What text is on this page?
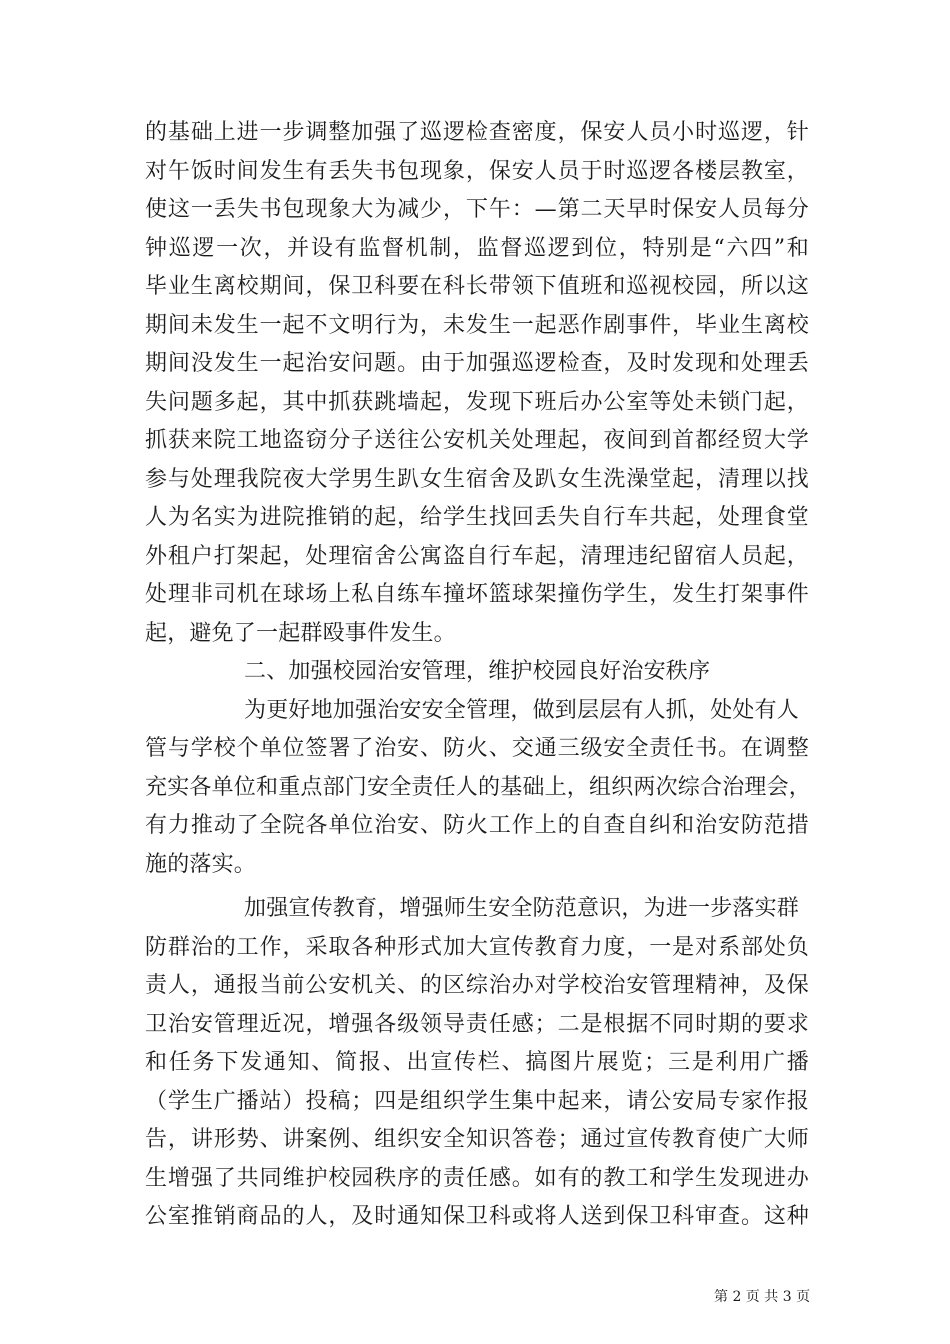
的基础上进一步调整加强了巡逻检查密度，保安人员小时巡逻，针
对午饭时间发生有丢失书包现象，保安人员于时巡逻各楼层教室，
使这一丢失书包现象大为减少，下午：—第二天早时保安人员每分
钟巡逻一次，并设有监督机制，监督巡逻到位，特别是“六四”和
毕业生离校期间，保卫科要在科长带领下值班和巡视校园，所以这
期间未发生一起不文明行为，未发生一起恶作剧事件，毕业生离校
期间没发生一起治安问题。由于加强巡逻检查，及时发现和处理丢
失问题多起，其中抓获跳墙起，发现下班后办公室等处未锁门起，
抓获来院工地盗窃分子送往公安机关处理起，夜间到首都经贸大学
参与处理我院夜大学男生趴女生宿舍及趴女生洗澡堂起，清理以找
人为名实为进院推销的起，给学生找回丢失自行车共起，处理食堂
外租户打架起，处理宿舍公寓盗自行车起，清理违纪留宿人员起，
处理非司机在球场上私自练车撞坏篮球架撞伤学生，发生打架事件
起，避免了一起群殴事件发生。
二、加强校园治安管理，维护校园良好治安秩序
为更好地加强治安安全管理，做到层层有人抓，处处有人
管与学校个单位签署了治安、防火、交通三级安全责任书。在调整
充实各单位和重点部门安全责任人的基础上，组织两次综合治理会，
有力推动了全院各单位治安、防火工作上的自查自纠和治安防范措
施的落实。
加强宣传教育，增强师生安全防范意识，为进一步落实群
防群治的工作，采取各种形式加大宣传教育力度，一是对系部处负
责人，通报当前公安机关、的区综治办对学校治安管理精神，及保
卫治安管理近况，增强各级领导责任感；二是根据不同时期的要求
和任务下发通知、简报、出宣传栏、搞图片展览；三是利用广播
（学生广播站）投稿；四是组织学生集中起来，请公安局专家作报
告，讲形势、讲案例、组织安全知识答卷；通过宣传教育使广大师
生增强了共同维护校园秩序的责任感。如有的教工和学生发现进办
公室推销商品的人，及时通知保卫科或将人送到保卫科审查。这种
第 2 页 共 3 页
